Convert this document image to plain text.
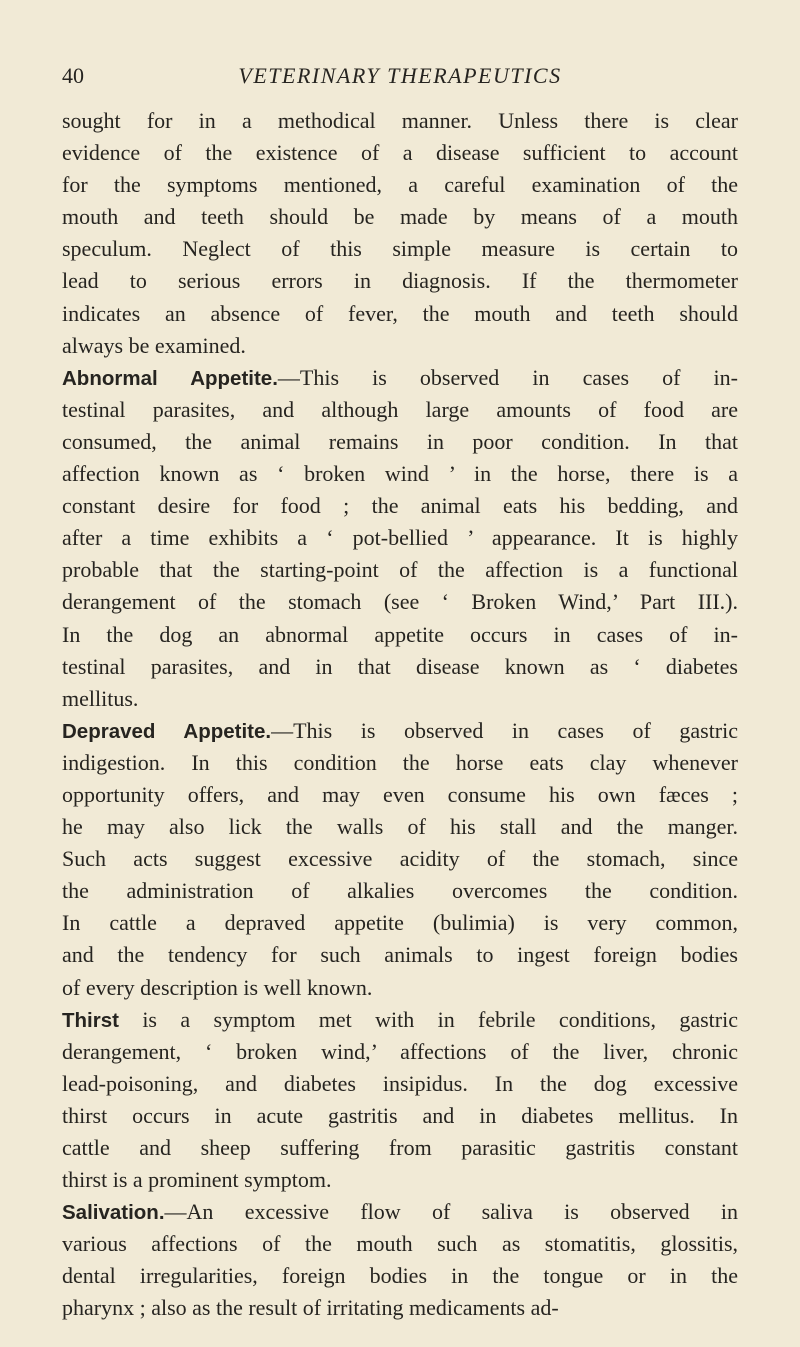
40	VETERINARY THERAPEUTICS
sought for in a methodical manner. Unless there is clear
evidence of the existence of a disease sufficient to account
for the symptoms mentioned, a careful examination of the
mouth and teeth should be made by means of a mouth
speculum. Neglect of this simple measure is certain to
lead to serious errors in diagnosis. If the thermometer
indicates an absence of fever, the mouth and teeth should
always be examined.
Abnormal Appetite.—This is observed in cases of in-
testinal parasites, and although large amounts of food are
consumed, the animal remains in poor condition. In that
affection known as ‘ broken wind ’ in the horse, there is a
constant desire for food ; the animal eats his bedding, and
after a time exhibits a ‘ pot-bellied ’ appearance. It is highly
probable that the starting-point of the affection is a functional
derangement of the stomach (see ‘ Broken Wind,’ Part III.).
In the dog an abnormal appetite occurs in cases of in-
testinal parasites, and in that disease known as ‘ diabetes
mellitus.
Depraved Appetite.—This is observed in cases of gastric
indigestion. In this condition the horse eats clay whenever
opportunity offers, and may even consume his own fæces ;
he may also lick the walls of his stall and the manger.
Such acts suggest excessive acidity of the stomach, since
the administration of alkalies overcomes the condition.
In cattle a depraved appetite (bulimia) is very common,
and the tendency for such animals to ingest foreign bodies
of every description is well known.
Thirst is a symptom met with in febrile conditions, gastric
derangement, ‘ broken wind,’ affections of the liver, chronic
lead-poisoning, and diabetes insipidus. In the dog excessive
thirst occurs in acute gastritis and in diabetes mellitus. In
cattle and sheep suffering from parasitic gastritis constant
thirst is a prominent symptom.
Salivation.—An excessive flow of saliva is observed in
various affections of the mouth such as stomatitis, glossitis,
dental irregularities, foreign bodies in the tongue or in the
pharynx ; also as the result of irritating medicaments ad-
